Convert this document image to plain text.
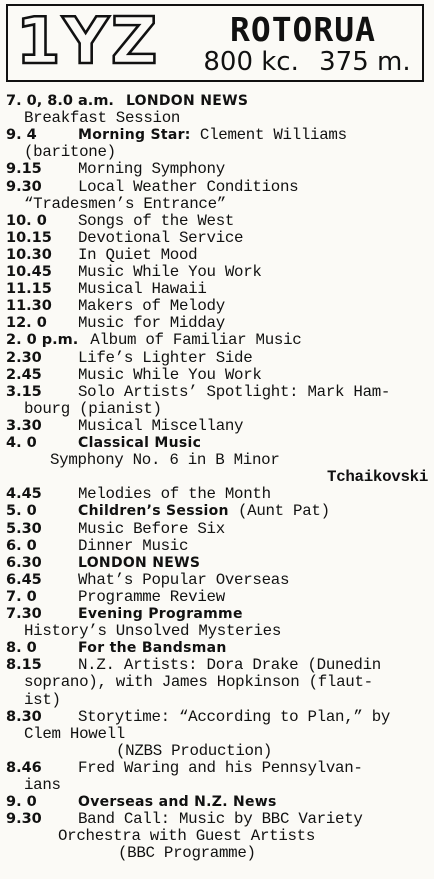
1YZ	ROTORUA
800 kc. 375 m.
7. 0, 8.0 a.m. LONDON NEWS
Breakfast Session
9. 4	Morning Star: Clement Williams
(baritone)
9.15 Morning Symphony
9.30 Local Weather Conditions
“Tradesmen’s Entrance”
10. 0 Songs of the West
10.15 Devotional Service
10.30 In Quiet Mood
10.45 Music While You Work
11.15 Musical Hawaii
11.30 Makers of Melody
12. 0 Music for Midday
2. 0 p.m. Album of Familiar Music
2.30 Life’s Lighter Side
2.45 Music While You Work
3.15 Solo Artists’ Spotlight: Mark Ham-
bourg (pianist)
3.30 Musical Miscellany
4. 0	Classical Music
Symphony No. 6 in B Minor
Tchaikovski
4.45 Melodies of the Month
5. 0	Children’s Session (Aunt Pat)
5.30 Music Before Six
6. 0	Dinner Music
6.30	LONDON NEWS
6.45 What’s Popular Overseas
7. 0	Programme Review
7.30	Evening Programme
History’s Unsolved Mysteries
8. 0	For the Bandsman
8.15 N.Z. Artists: Dora Drake (Dunedin
soprano), with James Hopkinson (flaut-
ist)
8.30 Storytime: “According to Plan,” by
Clem Howell
(NZBS Production)
8.46 Fred Waring and his Pennsylvan-
ians
9. 0	Overseas and N.Z. News
9.30 Band Call: Music by BBC Variety
Orchestra with Guest Artists
(BBC Programme)
